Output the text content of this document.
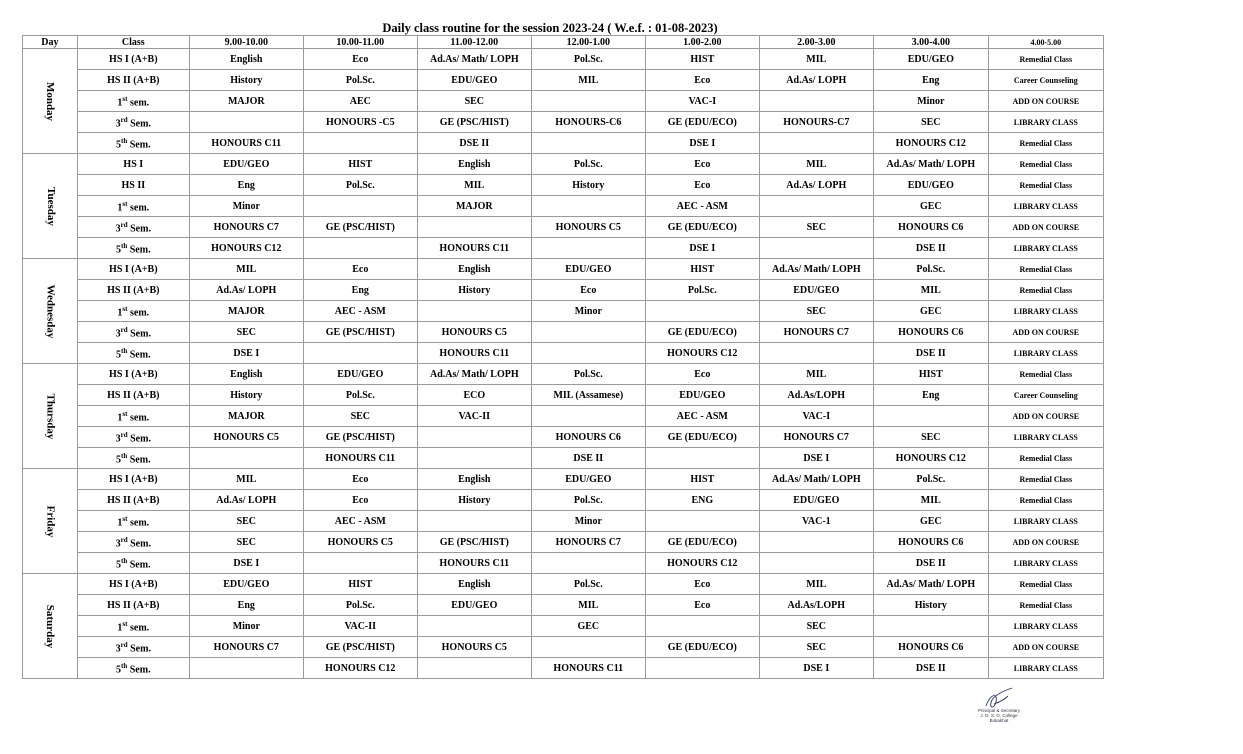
Daily class routine for the session 2023-24 ( W.e.f. : 01-08-2023)
Day	Class	9.00-10.00	10.00-11.00	11.00-12.00	12.00-1.00	1.00-2.00	2.00-3.00	3.00-4.00	4.00-5.00
Monday	HS I (A+B)	English	Eco	Ad.As/ Math/ LOPH	Pol.Sc.	HIST	MIL	EDU/GEO	Remedial Class
	HS II (A+B)	History	Pol.Sc.	EDU/GEO	MIL	Eco	Ad.As/ LOPH	Eng	Career Counseling
	1st sem.	MAJOR	AEC	SEC		VAC-I		Minor	ADD ON COURSE
	3rd Sem.		HONOURS -C5	GE (PSC/HIST)	HONOURS-C6	GE (EDU/ECO)	HONOURS-C7	SEC	LIBRARY CLASS
	5th Sem.	HONOURS C11		DSE II		DSE I		HONOURS C12	Remedial Class
Tuesday	HS I	EDU/GEO	HIST	English	Pol.Sc.	Eco	MIL	Ad.As/ Math/ LOPH	Remedial Class
	HS II	Eng	Pol.Sc.	MIL	History	Eco	Ad.As/ LOPH	EDU/GEO	Remedial Class
	1st sem.	Minor		MAJOR		AEC - ASM		GEC	LIBRARY CLASS
	3rd Sem.	HONOURS C7	GE (PSC/HIST)		HONOURS C5	GE (EDU/ECO)	SEC	HONOURS C6	ADD ON COURSE
	5th Sem.	HONOURS C12		HONOURS C11		DSE I		DSE II	LIBRARY CLASS
Wednesday	HS I (A+B)	MIL	Eco	English	EDU/GEO	HIST	Ad.As/ Math/ LOPH	Pol.Sc.	Remedial Class
	HS II (A+B)	Ad.As/ LOPH	Eng	History	Eco	Pol.Sc.	EDU/GEO	MIL	Remedial Class
	1st sem.	MAJOR	AEC - ASM		Minor		SEC	GEC	LIBRARY CLASS
	3rd Sem.	SEC	GE (PSC/HIST)	HONOURS C5		GE (EDU/ECO)	HONOURS C7	HONOURS C6	ADD ON COURSE
	5th Sem.	DSE I		HONOURS C11		HONOURS C12		DSE II	LIBRARY CLASS
Thursday	HS I (A+B)	English	EDU/GEO	Ad.As/ Math/ LOPH	Pol.Sc.	Eco	MIL	HIST	Remedial Class
	HS II (A+B)	History	Pol.Sc.	ECO	MIL (Assamese)	EDU/GEO	Ad.As/LOPH	Eng	Career Counseling
	1st sem.	MAJOR	SEC	VAC-II		AEC - ASM	VAC-I		ADD ON COURSE
	3rd Sem.	HONOURS C5	GE (PSC/HIST)		HONOURS C6	GE (EDU/ECO)	HONOURS C7	SEC	LIBRARY CLASS
	5th Sem.		HONOURS C11		DSE II		DSE I	HONOURS C12	Remedial Class
Friday	HS I (A+B)	MIL	Eco	English	EDU/GEO	HIST	Ad.As/ Math/ LOPH	Pol.Sc.	Remedial Class
	HS II (A+B)	Ad.As/ LOPH	Eco	History	Pol.Sc.	ENG	EDU/GEO	MIL	Remedial Class
	1st sem.	SEC	AEC - ASM		Minor		VAC-1	GEC	LIBRARY CLASS
	3rd Sem.	SEC	HONOURS C5	GE (PSC/HIST)	HONOURS C7	GE (EDU/ECO)		HONOURS C6	ADD ON COURSE
	5th Sem.	DSE I		HONOURS C11		HONOURS C12		DSE II	LIBRARY CLASS
Saturday	HS I (A+B)	EDU/GEO	HIST	English	Pol.Sc.	Eco	MIL	Ad.As/ Math/ LOPH	Remedial Class
	HS II (A+B)	Eng	Pol.Sc.	EDU/GEO	MIL	Eco	Ad.As/LOPH	History	Remedial Class
	1st sem.	Minor	VAC-II		GEC		SEC		LIBRARY CLASS
	3rd Sem.	HONOURS C7	GE (PSC/HIST)	HONOURS C5		GE (EDU/ECO)	SEC	HONOURS C6	ADD ON COURSE
	5th Sem.		HONOURS C12		HONOURS C11		DSE I	DSE II	LIBRARY CLASS
Principal & Secretary
J. D. S. G. College
Bokakhat
